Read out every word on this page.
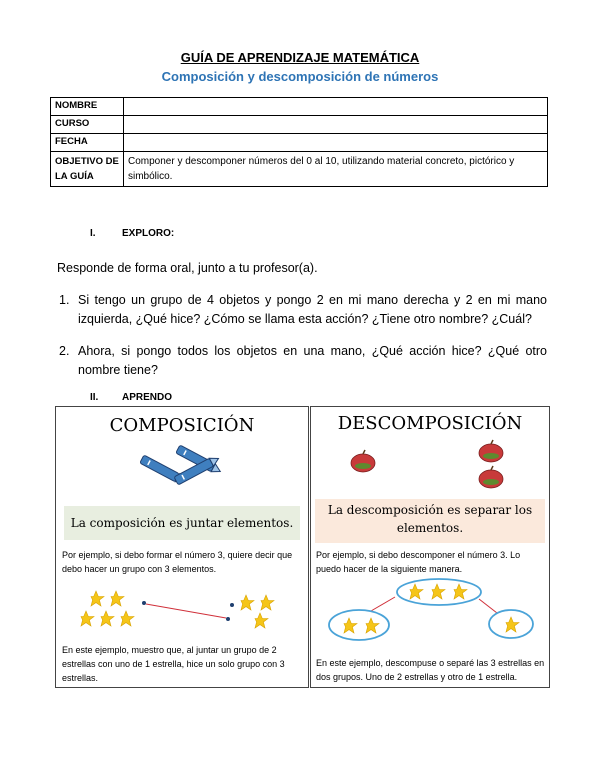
GUÍA DE APRENDIZAJE MATEMÁTICA
Composición y descomposición de números
NOMBRE	
CURSO	
FECHA	
OBJETIVO DE
LA GUÍA	Componer y descomponer números del 0 al 10, utilizando material concreto, pictórico y simbólico.
I.	EXPLORO:
Responde de forma oral, junto a tu profesor(a).
1. Si tengo un grupo de 4 objetos y pongo 2 en mi mano derecha y 2 en mi mano izquierda, ¿Qué hice? ¿Cómo se llama esta acción? ¿Tiene otro nombre? ¿Cuál?
2. Ahora, si pongo todos los objetos en una mano, ¿Qué acción hice? ¿Qué otro nombre tiene?
II. APRENDO
COMPOSICIÓN
La composición es juntar elementos.
Por ejemplo, si debo formar el número 3, quiere decir que debo hacer un grupo con 3 elementos.
En este ejemplo, muestro que, al juntar un grupo de 2 estrellas con uno de 1 estrella, hice un solo grupo con 3 estrellas.
DESCOMPOSICIÓN
La descomposición es separar los elementos.
Por ejemplo, si debo descomponer el número 3. Lo puedo hacer de la siguiente manera.
En este ejemplo, descompuse o separé las 3 estrellas en dos grupos. Uno de 2 estrellas y otro de 1 estrella.
